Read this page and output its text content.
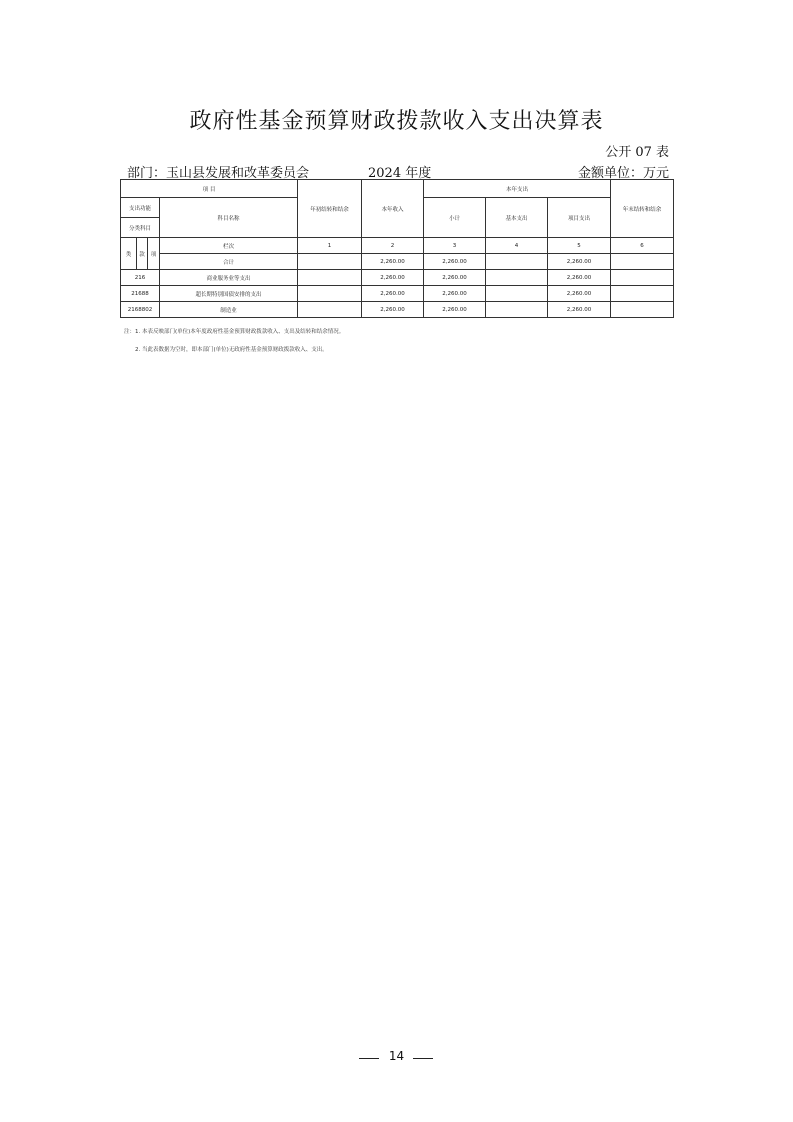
政府性基金预算财政拨款收入支出决算表
公开 07 表
部门：玉山县发展和改革委员会	2024 年度	金额单位：万元
项 目				年初结转和结余	本年收入	本年支出			年末结转和结余
支出功能			科目名称			小计	基本支出	项目支出	
分类科目									
类	款	项	栏次	1	2	3	4	5	6
			合计		2,260.00	2,260.00		2,260.00	
216			商业服务业等支出		2,260.00	2,260.00		2,260.00	
21688			超长期特别国债安排的支出		2,260.00	2,260.00		2,260.00	
2168802			制造业		2,260.00	2,260.00		2,260.00	
注：1. 本表反映部门(单位)本年度政府性基金预算财政拨款收入、支出及结转和结余情况。
2. 当此表数据为空时，即本部门(单位)无政府性基金预算财政拨款收入、支出。
14
